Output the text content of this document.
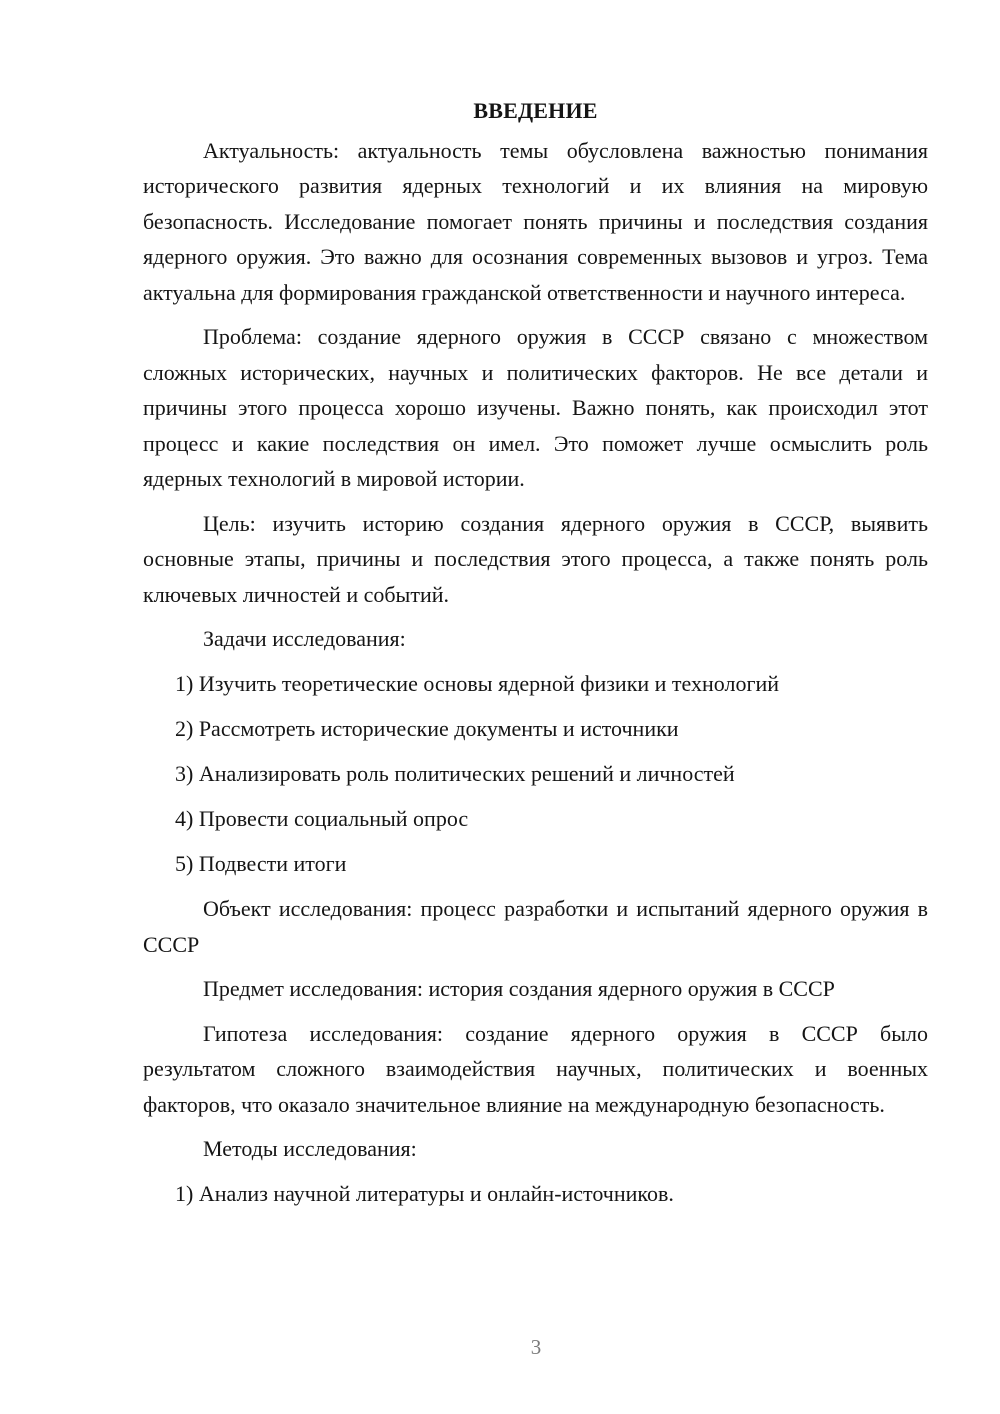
ВВЕДЕНИЕ

Актуальность: актуальность темы обусловлена важностью понимания исторического развития ядерных технологий и их влияния на мировую безопасность. Исследование помогает понять причины и последствия создания ядерного оружия. Это важно для осознания современных вызовов и угроз. Тема актуальна для формирования гражданской ответственности и научного интереса.

Проблема: создание ядерного оружия в СССР связано с множеством сложных исторических, научных и политических факторов. Не все детали и причины этого процесса хорошо изучены. Важно понять, как происходил этот процесс и какие последствия он имел. Это поможет лучше осмыслить роль ядерных технологий в мировой истории.

Цель: изучить историю создания ядерного оружия в СССР, выявить основные этапы, причины и последствия этого процесса, а также понять роль ключевых личностей и событий.

Задачи исследования:
1) Изучить теоретические основы ядерной физики и технологий
2) Рассмотреть исторические документы и источники
3) Анализировать роль политических решений и личностей
4) Провести социальный опрос
5) Подвести итоги

Объект исследования: процесс разработки и испытаний ядерного оружия в СССР

Предмет исследования: история создания ядерного оружия в СССР

Гипотеза исследования: создание ядерного оружия в СССР было результатом сложного взаимодействия научных, политических и военных факторов, что оказало значительное влияние на международную безопасность.

Методы исследования:
1) Анализ научной литературы и онлайн-источников.
3
